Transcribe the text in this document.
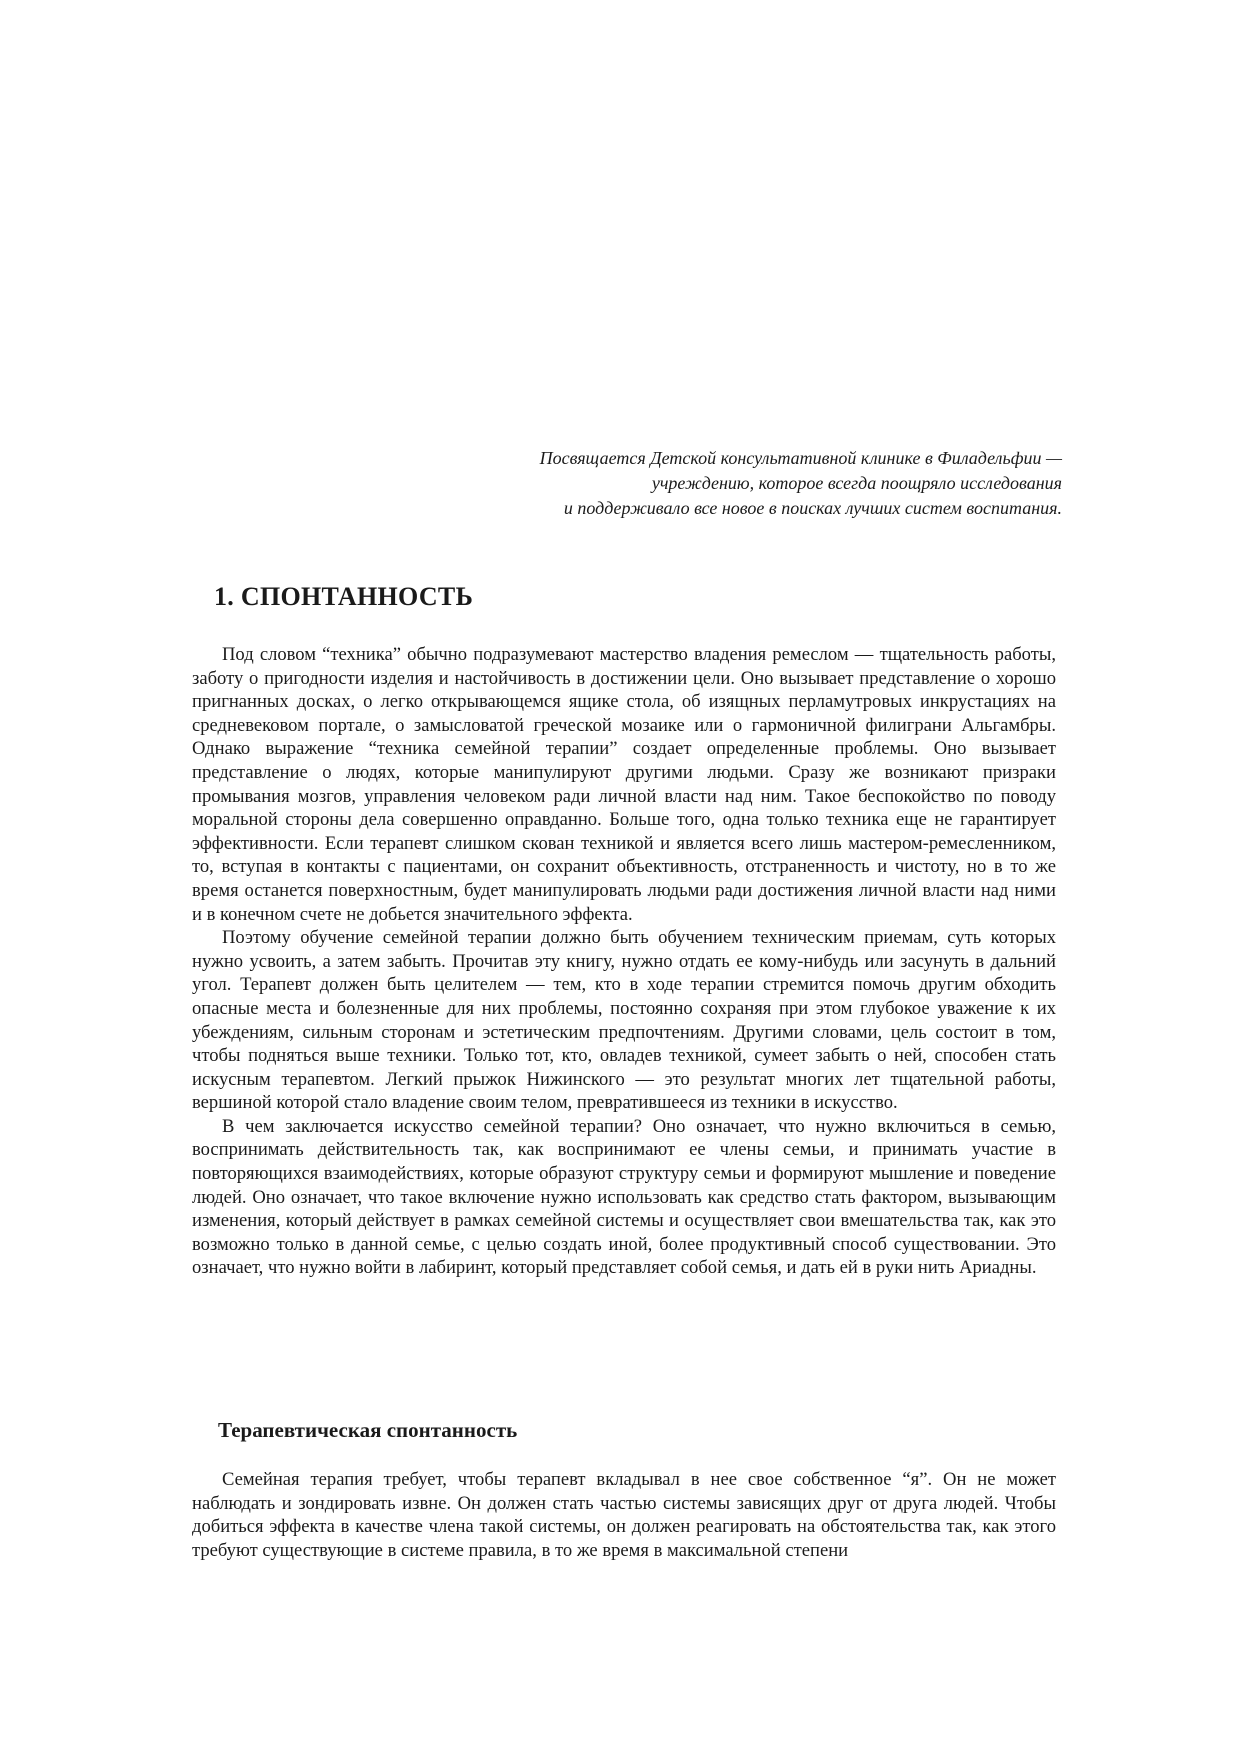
Посвящается Детской консультативной клинике в Филадельфии —
учреждению, которое всегда поощряло исследования
и поддерживало все новое в поисках лучших систем воспитания.
1. СПОНТАННОСТЬ

Под словом “техника” обычно подразумевают мастерство владения ремеслом — тщательность работы, заботу о пригодности изделия и настойчивость в достижении цели. Оно вызывает представление о хорошо пригнанных досках, о легко открывающемся ящике стола, об изящных перламутровых инкрустациях на средневековом портале, о замысловатой греческой мозаике или о гармоничной филиграни Альгамбры. Однако выражение “техника семейной терапии” создает определенные проблемы. Оно вызывает представление о людях, которые манипулируют другими людьми. Сразу же возникают призраки промывания мозгов, управления человеком ради личной власти над ним. Такое беспокойство по поводу моральной стороны дела совершенно оправданно. Больше того, одна только техника еще не гарантирует эффективности. Если терапевт слишком скован техникой и является всего лишь мастером-ремесленником, то, вступая в контакты с пациентами, он сохранит объективность, отстраненность и чистоту, но в то же время останется поверхностным, будет манипулировать людьми ради достижения личной власти над ними и в конечном счете не добьется значительного эффекта.

Поэтому обучение семейной терапии должно быть обучением техническим приемам, суть которых нужно усвоить, а затем забыть. Прочитав эту книгу, нужно отдать ее кому-нибудь или засунуть в дальний угол. Терапевт должен быть целителем — тем, кто в ходе терапии стремится помочь другим обходить опасные места и болезненные для них проблемы, постоянно сохраняя при этом глубокое уважение к их убеждениям, сильным сторонам и эстетическим предпочтениям. Другими словами, цель состоит в том, чтобы подняться выше техники. Только тот, кто, овладев техникой, сумеет забыть о ней, способен стать искусным терапевтом. Легкий прыжок Нижинского — это результат многих лет тщательной работы, вершиной которой стало владение своим телом, превратившееся из техники в искусство.

В чем заключается искусство семейной терапии? Оно означает, что нужно включиться в семью, воспринимать действительность так, как воспринимают ее члены семьи, и принимать участие в повторяющихся взаимодействиях, которые образуют структуру семьи и формируют мышление и поведение людей. Оно означает, что такое включение нужно использовать как средство стать фактором, вызывающим изменения, который действует в рамках семейной системы и осуществляет свои вмешательства так, как это возможно только в данной семье, с целью создать иной, более продуктивный способ существовании. Это означает, что нужно войти в лабиринт, который представляет собой семья, и дать ей в руки нить Ариадны.

Терапевтическая спонтанность

Семейная терапия требует, чтобы терапевт вкладывал в нее свое собственное “я”. Он не может наблюдать и зондировать извне. Он должен стать частью системы зависящих друг от друга людей. Чтобы добиться эффекта в качестве члена такой системы, он должен реагировать на обстоятельства так, как этого требуют существующие в системе правила, в то же время в максимальной степени
